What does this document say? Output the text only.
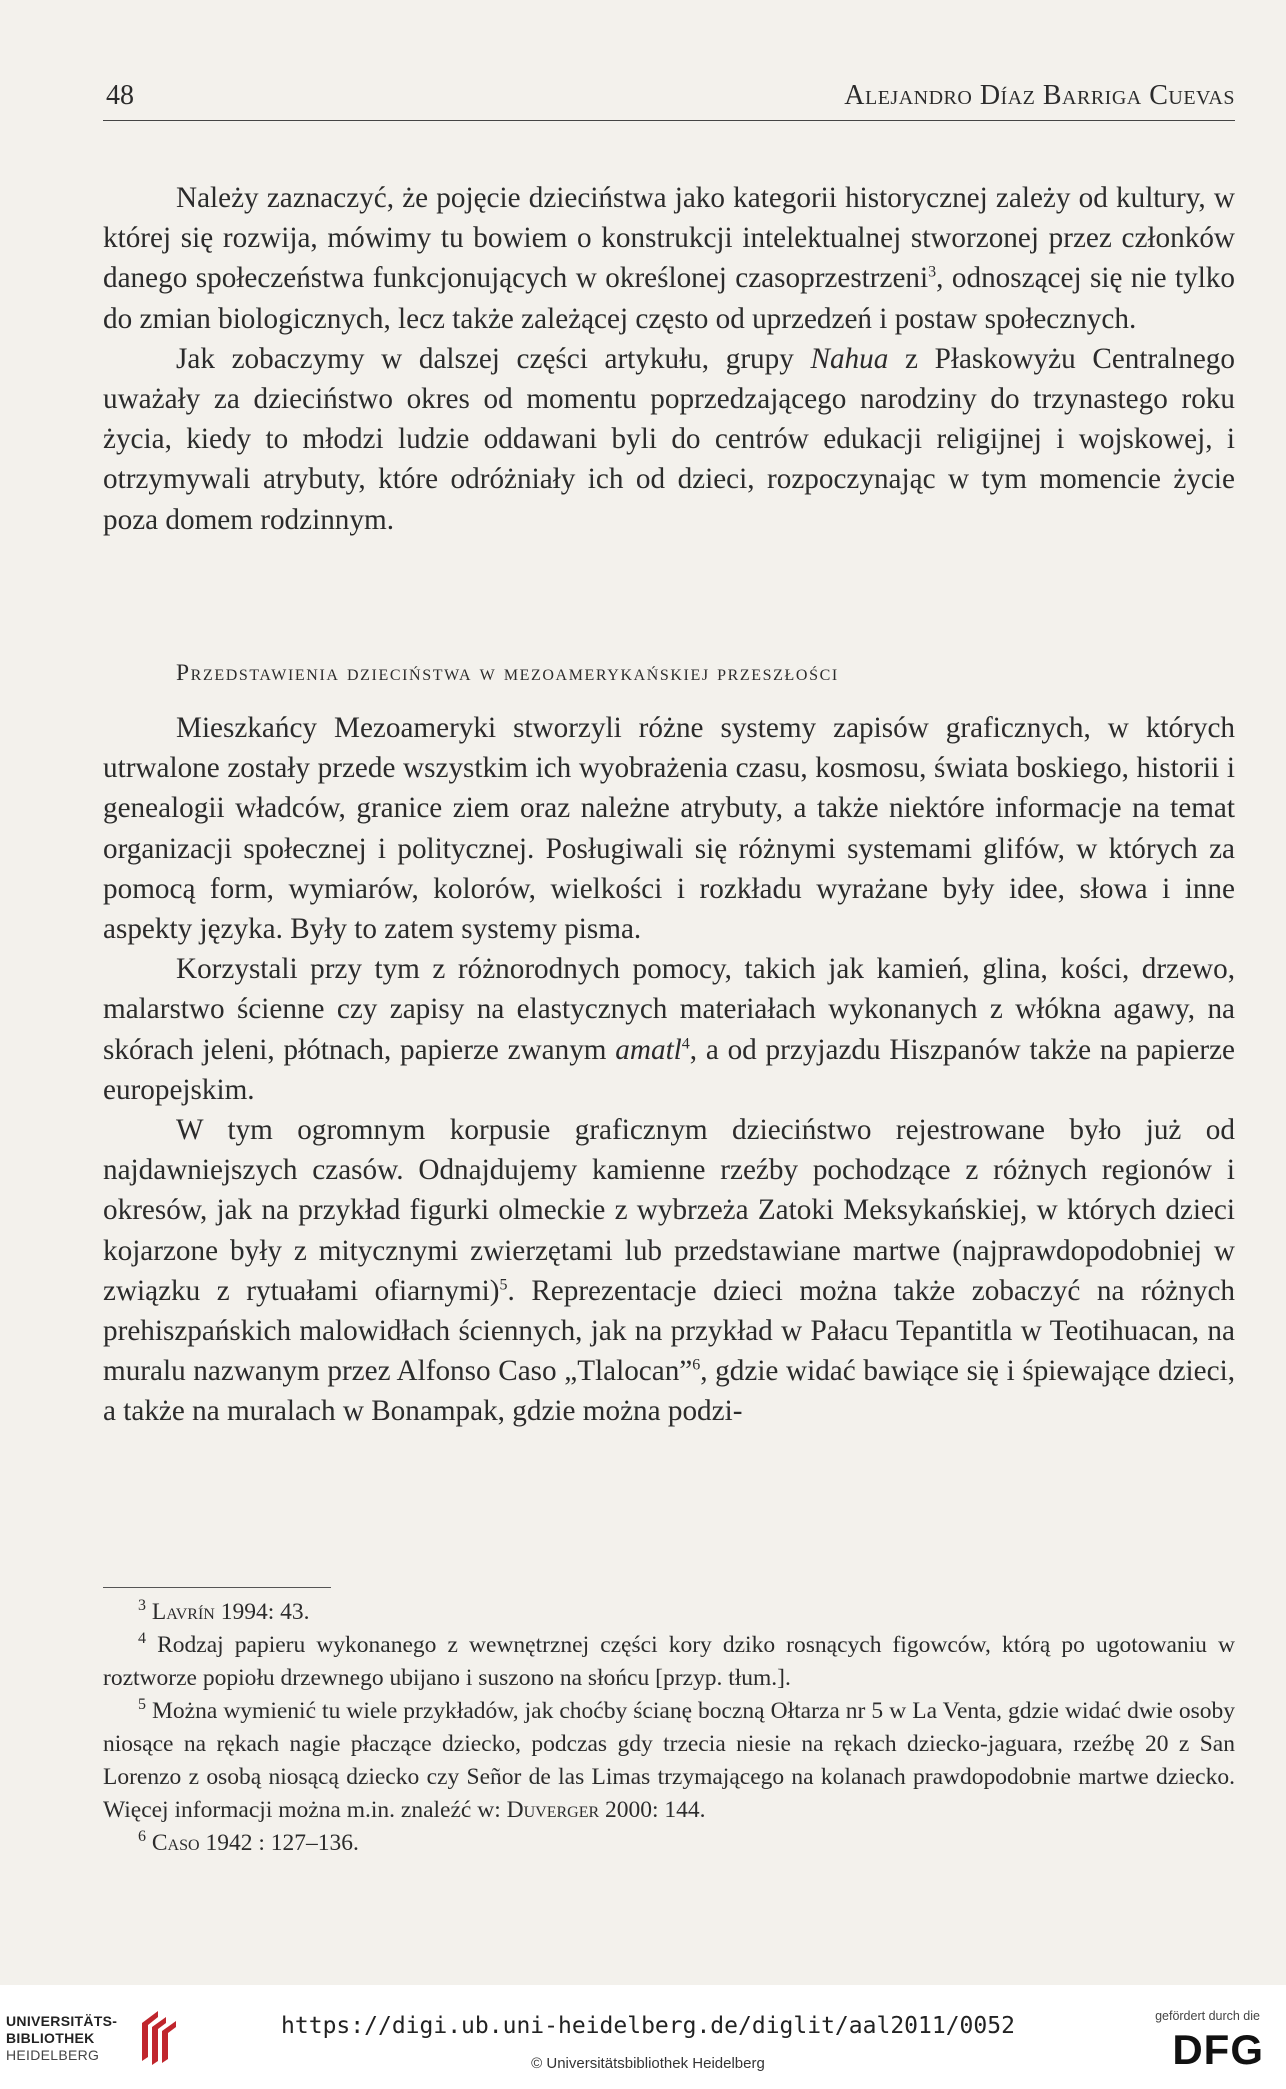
48	Alejandro Díaz Barriga Cuevas

Należy zaznaczyć, że pojęcie dzieciństwa jako kategorii historycznej zależy od kultury, w której się rozwija, mówimy tu bowiem o konstrukcji intelektualnej stworzonej przez członków danego społeczeństwa funkcjonujących w określonej czasoprzestrzeni$^3$, odnoszącej się nie tylko do zmian biologicznych, lecz także zależącej często od uprzedzeń i postaw społecznych.

Jak zobaczymy w dalszej części artykułu, grupy Nahua z Płaskowyżu Centralnego uważały za dzieciństwo okres od momentu poprzedzającego narodziny do trzynastego roku życia, kiedy to młodzi ludzie oddawani byli do centrów edukacji religijnej i wojskowej, i otrzymywali atrybuty, które odróżniały ich od dzieci, rozpoczynając w tym momencie życie poza domem rodzinnym.

Przedstawienia dzieciństwa w mezoamerykańskiej przeszłości

Mieszkańcy Mezoameryki stworzyli różne systemy zapisów graficznych, w których utrwalone zostały przede wszystkim ich wyobrażenia czasu, kosmosu, świata boskiego, historii i genealogii władców, granice ziem oraz należne atrybuty, a także niektóre informacje na temat organizacji społecznej i politycznej. Posługiwali się różnymi systemami glifów, w których za pomocą form, wymiarów, kolorów, wielkości i rozkładu wyrażane były idee, słowa i inne aspekty języka. Były to zatem systemy pisma.

Korzystali przy tym z różnorodnych pomocy, takich jak kamień, glina, kości, drzewo, malarstwo ścienne czy zapisy na elastycznych materiałach wykonanych z włókna agawy, na skórach jeleni, płótnach, papierze zwanym amatl$^4$, a od przyjazdu Hiszpanów także na papierze europejskim.

W tym ogromnym korpusie graficznym dzieciństwo rejestrowane było już od najdawniejszych czasów. Odnajdujemy kamienne rzeźby pochodzące z różnych regionów i okresów, jak na przykład figurki olmeckie z wybrzeża Zatoki Meksykańskiej, w których dzieci kojarzone były z mitycznymi zwierzętami lub przedstawiane martwe (najprawdopodobniej w związku z rytuałami ofiarnymi)$^5$. Reprezentacje dzieci można także zobaczyć na różnych prehiszpańskich malowidłach ściennych, jak na przykład w Pałacu Tepantitla w Teotihuacan, na muralu nazwanym przez Alfonso Caso „Tlalocan”$^6$, gdzie widać bawiące się i śpiewające dzieci, a także na muralach w Bonampak, gdzie można podzi-

$^3$ Lavrín 1994: 43.

$^4$ Rodzaj papieru wykonanego z wewnętrznej części kory dziko rosnących figowców, którą po ugotowaniu w roztworze popiołu drzewnego ubijano i suszono na słońcu [przyp. tłum.].

$^5$ Można wymienić tu wiele przykładów, jak choćby ścianę boczną Ołtarza nr 5 w La Venta, gdzie widać dwie osoby niosące na rękach nagie płaczące dziecko, podczas gdy trzecia niesie na rękach dziecko-jaguara, rzeźbę 20 z San Lorenzo z osobą niosącą dziecko czy Señor de las Limas trzymającego na kolanach prawdopodobnie martwe dziecko. Więcej informacji można m.in. znaleźć w: Duverger 2000: 144.

$^6$ Caso 1942 : 127–136.

UNIVERSITÄTS-
BIBLIOTHEK
HEIDELBERG
https://digi.ub.uni-heidelberg.de/diglit/aal2011/0052
© Universitätsbibliothek Heidelberg
gefördert durch die
DFG
